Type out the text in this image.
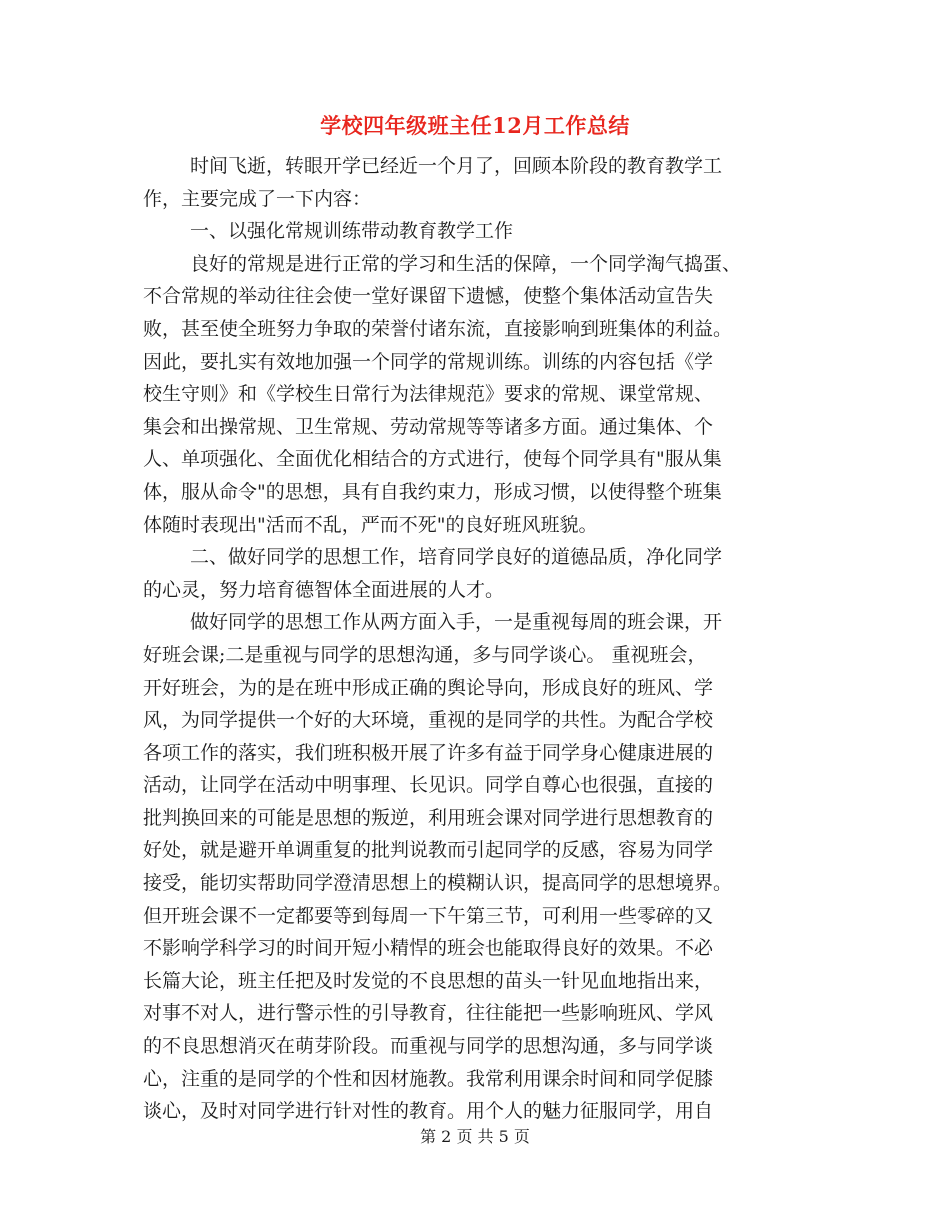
学校四年级班主任12月工作总结
时间飞逝，转眼开学已经近一个月了，回顾本阶段的教育教学工
作，主要完成了一下内容：
一、以强化常规训练带动教育教学工作
良好的常规是进行正常的学习和生活的保障，一个同学淘气捣蛋、
不合常规的举动往往会使一堂好课留下遗憾，使整个集体活动宣告失
败，甚至使全班努力争取的荣誉付诸东流，直接影响到班集体的利益。
因此，要扎实有效地加强一个同学的常规训练。训练的内容包括《学
校生守则》和《学校生日常行为法律规范》要求的常规、课堂常规、
集会和出操常规、卫生常规、劳动常规等等诸多方面。通过集体、个
人、单项强化、全面优化相结合的方式进行，使每个同学具有"服从集
体，服从命令"的思想，具有自我约束力，形成习惯，以使得整个班集
体随时表现出"活而不乱，严而不死"的良好班风班貌。
二、做好同学的思想工作，培育同学良好的道德品质，净化同学
的心灵，努力培育德智体全面进展的人才。
做好同学的思想工作从两方面入手，一是重视每周的班会课，开
好班会课;二是重视与同学的思想沟通，多与同学谈心。 重视班会，
开好班会，为的是在班中形成正确的舆论导向，形成良好的班风、学
风，为同学提供一个好的大环境，重视的是同学的共性。为配合学校
各项工作的落实，我们班积极开展了许多有益于同学身心健康进展的
活动，让同学在活动中明事理、长见识。同学自尊心也很强，直接的
批判换回来的可能是思想的叛逆，利用班会课对同学进行思想教育的
好处，就是避开单调重复的批判说教而引起同学的反感，容易为同学
接受，能切实帮助同学澄清思想上的模糊认识，提高同学的思想境界。
但开班会课不一定都要等到每周一下午第三节，可利用一些零碎的又
不影响学科学习的时间开短小精悍的班会也能取得良好的效果。不必
长篇大论，班主任把及时发觉的不良思想的苗头一针见血地指出来，
对事不对人，进行警示性的引导教育，往往能把一些影响班风、学风
的不良思想消灭在萌芽阶段。而重视与同学的思想沟通，多与同学谈
心，注重的是同学的个性和因材施教。我常利用课余时间和同学促膝
谈心，及时对同学进行针对性的教育。用个人的魅力征服同学，用自
第 2 页 共 5 页
